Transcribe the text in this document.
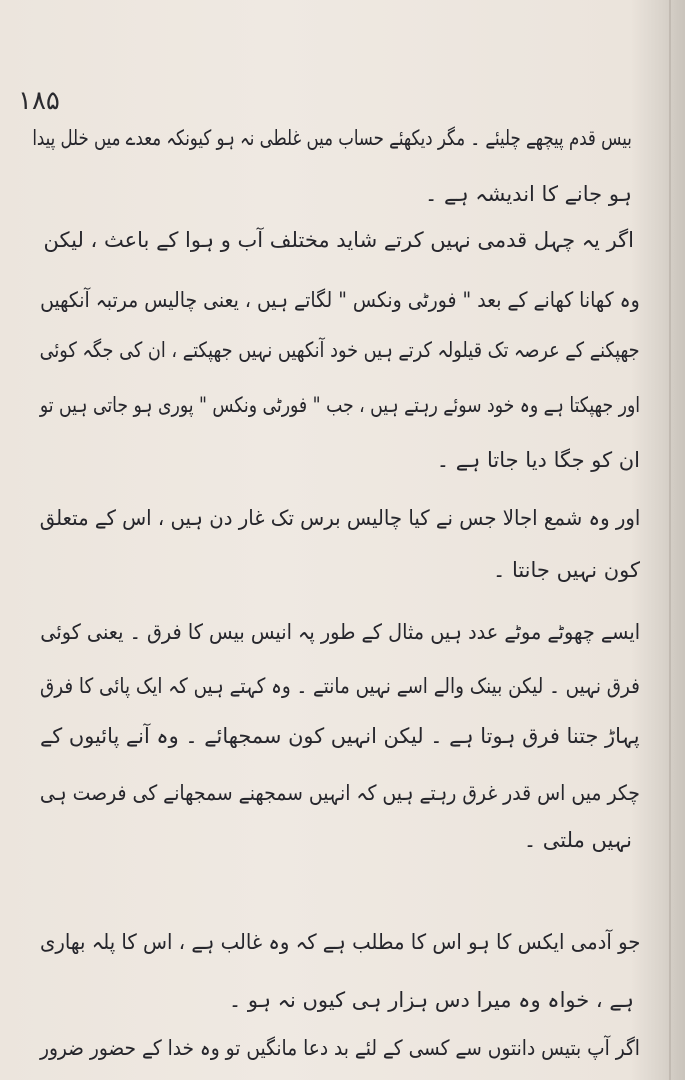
۱۸۵
بیس قدم پیچھے چلیئے ۔ مگر دیکھئے حساب میں غلطی نہ ہو کیونکہ معدے میں خلل پیدا
ہو جانے کا اندیشہ ہے ۔
اگر یہ چہل قدمی نہیں کرتے شاید مختلف آب و ہوا کے باعث ، لیکن
وہ کھانا کھانے کے بعد " فورٹی ونکس " لگاتے ہیں ، یعنی چالیس مرتبہ آنکھیں
جھپکنے کے عرصہ تک قیلولہ کرتے ہیں خود آنکھیں نہیں جھپکتے ، ان کی جگہ کوئی
اور جھپکتا ہے وہ خود سوئے رہتے ہیں ، جب " فورٹی ونکس " پوری ہو جاتی ہیں تو
ان کو جگا دیا جاتا ہے ۔
اور وہ شمع اجالا جس نے کیا چالیس برس تک غار دن ہیں ، اس کے متعلق
کون نہیں جانتا ۔
ایسے چھوٹے موٹے عدد ہیں مثال کے طور پہ انیس بیس کا فرق ۔ یعنی کوئی
فرق نہیں ۔ لیکن بینک والے اسے نہیں مانتے ۔ وہ کہتے ہیں کہ ایک پائی کا فرق
پہاڑ جتنا فرق ہوتا ہے ۔ لیکن انہیں کون سمجھائے ۔ وہ آنے پائیوں کے
چکر میں اس قدر غرق رہتے ہیں کہ انہیں سمجھنے سمجھانے کی فرصت ہی
نہیں ملتی ۔
جو آدمی ایکس کا ہو اس کا مطلب ہے کہ وہ غالب ہے ، اس کا پلہ بھاری
ہے ، خواہ وہ میرا دس ہزار ہی کیوں نہ ہو ۔
اگر آپ بتیس دانتوں سے کسی کے لئے بد دعا مانگیں تو وہ خدا کے حضور ضرور
